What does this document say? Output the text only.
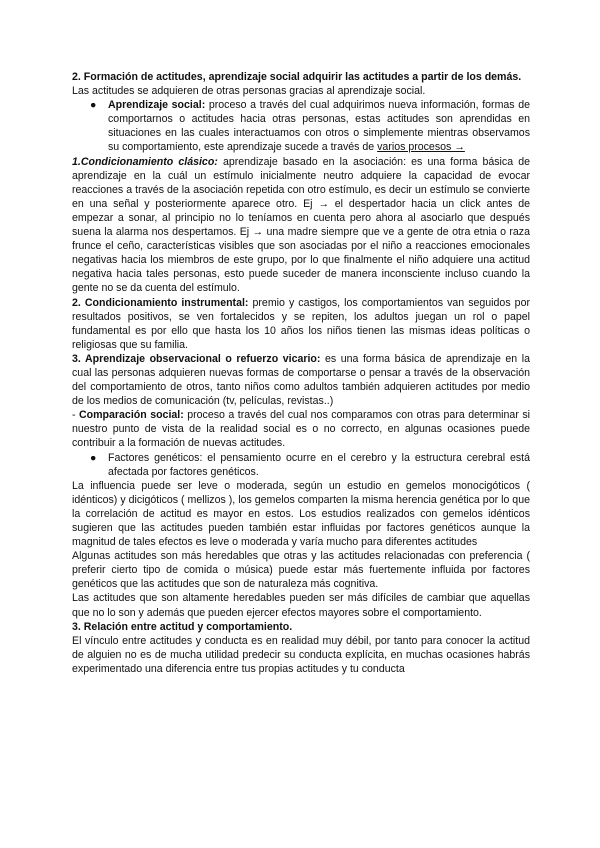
2. Formación de actitudes, aprendizaje social adquirir las actitudes a partir de los demás.

Las actitudes se adquieren de otras personas gracias al aprendizaje social.

●	Aprendizaje social: proceso a través del cual adquirimos nueva información, formas de comportarnos o actitudes hacia otras personas, estas actitudes son aprendidas en situaciones en las cuales interactuamos con otros o simplemente mientras observamos su comportamiento, este aprendizaje sucede a través de varios procesos →

1.Condicionamiento clásico: aprendizaje basado en la asociación: es una forma básica de aprendizaje en la cuál un estímulo inicialmente neutro adquiere la capacidad de evocar reacciones a través de la asociación repetida con otro estímulo, es decir un estímulo se convierte en una señal y posteriormente aparece otro. Ej → el despertador hacia un click antes de empezar a sonar, al principio no lo teníamos en cuenta pero ahora al asociarlo que después suena la alarma nos despertamos. Ej → una madre siempre que ve a gente de otra etnia o raza frunce el ceño, características visibles que son asociadas por el niño a reacciones emocionales negativas hacia los miembros de este grupo, por lo que finalmente el niño adquiere una actitud negativa hacia tales personas, esto puede suceder de manera inconsciente incluso cuando la gente no se da cuenta del estímulo.

2. Condicionamiento instrumental: premio y castigos, los comportamientos van seguidos por resultados positivos, se ven fortalecidos y se repiten, los adultos juegan un rol o papel fundamental es por ello que hasta los 10 años los niños tienen las mismas ideas políticas o religiosas que su familia.

3. Aprendizaje observacional o refuerzo vicario: es una forma básica de aprendizaje en la cual las personas adquieren nuevas formas de comportarse o pensar a través de la observación del comportamiento de otros, tanto niños como adultos también adquieren actitudes por medio de los medios de comunicación (tv, películas, revistas..)

- Comparación social: proceso a través del cual nos comparamos con otras para determinar si nuestro punto de vista de la realidad social es o no correcto, en algunas ocasiones puede contribuir a la formación de nuevas actitudes.

●	Factores genéticos: el pensamiento ocurre en el cerebro y la estructura cerebral está afectada por factores genéticos.

La influencia puede ser leve o moderada, según un estudio en gemelos monocigóticos ( idénticos) y dicigóticos ( mellizos ), los gemelos comparten la misma herencia genética por lo que la correlación de actitud es mayor en estos. Los estudios realizados con gemelos idénticos sugieren que las actitudes pueden también estar influidas por factores genéticos aunque la magnitud de tales efectos es leve o moderada y varía mucho para diferentes actitudes

Algunas actitudes son más heredables que otras y las actitudes relacionadas con preferencia ( preferir cierto tipo de comida o música) puede estar más fuertemente influida por factores genéticos que las actitudes que son de naturaleza más cognitiva.

Las actitudes que son altamente heredables pueden ser más difíciles de cambiar que aquellas que no lo son y además que pueden ejercer efectos mayores sobre el comportamiento.

3. Relación entre actitud y comportamiento.

El vínculo entre actitudes y conducta es en realidad muy débil, por tanto para conocer la actitud de alguien no es de mucha utilidad predecir su conducta explícita, en muchas ocasiones habrás experimentado una diferencia entre tus propias actitudes y tu conducta
